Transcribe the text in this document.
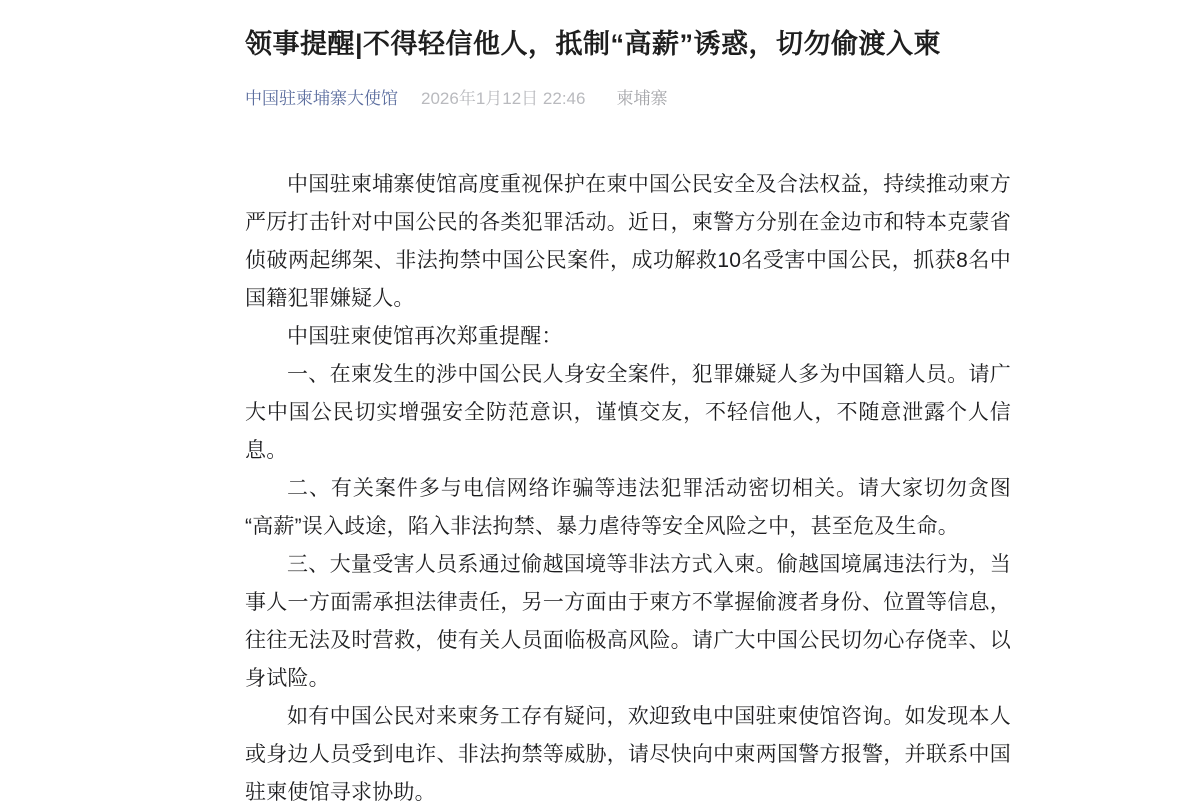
领事提醒|不得轻信他人，抵制“高薪”诱惑，切勿偷渡入柬
中国驻柬埔寨大使馆 2026年1月12日 22:46 柬埔寨

中国驻柬埔寨使馆高度重视保护在柬中国公民安全及合法权益，持续推动柬方严厉打击针对中国公民的各类犯罪活动。近日，柬警方分别在金边市和特本克蒙省侦破两起绑架、非法拘禁中国公民案件，成功解救10名受害中国公民，抓获8名中国籍犯罪嫌疑人。

中国驻柬使馆再次郑重提醒：

一、在柬发生的涉中国公民人身安全案件，犯罪嫌疑人多为中国籍人员。请广大中国公民切实增强安全防范意识，谨慎交友，不轻信他人，不随意泄露个人信息。

二、有关案件多与电信网络诈骗等违法犯罪活动密切相关。请大家切勿贪图“高薪”误入歧途，陷入非法拘禁、暴力虐待等安全风险之中，甚至危及生命。

三、大量受害人员系通过偷越国境等非法方式入柬。偷越国境属违法行为，当事人一方面需承担法律责任，另一方面由于柬方不掌握偷渡者身份、位置等信息，往往无法及时营救，使有关人员面临极高风险。请广大中国公民切勿心存侥幸、以身试险。

如有中国公民对来柬务工存有疑问，欢迎致电中国驻柬使馆咨询。如发现本人或身边人员受到电诈、非法拘禁等威胁，请尽快向中柬两国警方报警，并联系中国驻柬使馆寻求协助。
